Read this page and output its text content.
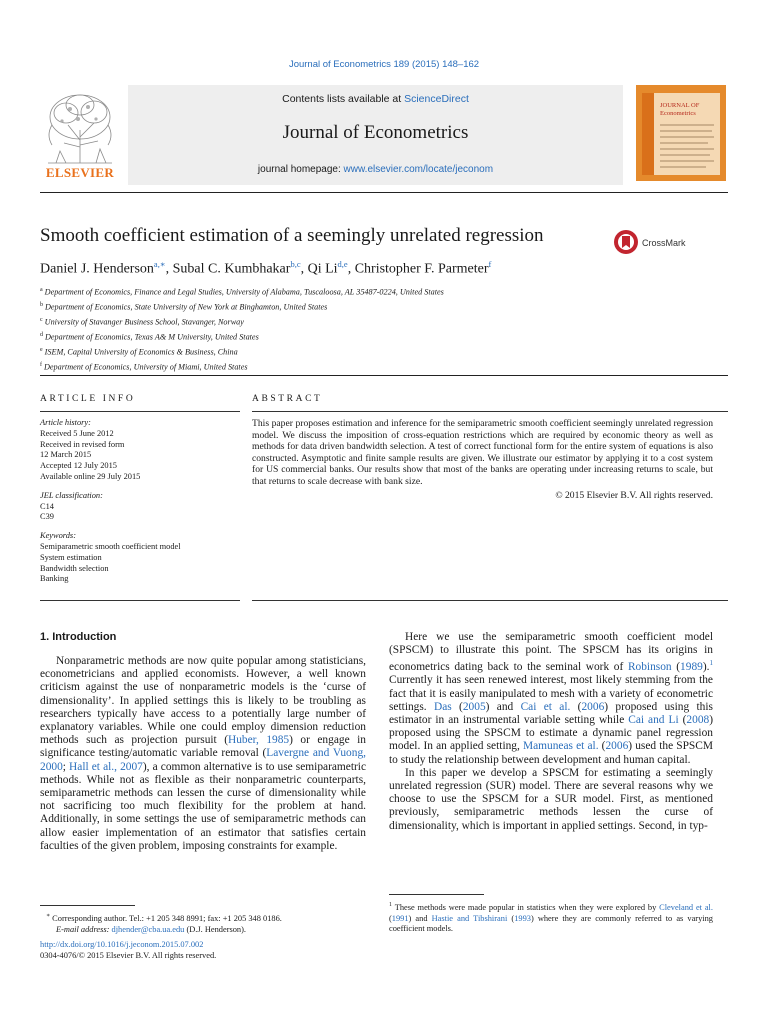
Journal of Econometrics 189 (2015) 148–162
ELSEVIER
Contents lists available at ScienceDirect
Journal of Econometrics
journal homepage: www.elsevier.com/locate/jeconom
JOURNAL OF
Econometrics
Smooth coefficient estimation of a seemingly unrelated regression	CrossMark
Daniel J. Henderson$^{a,∗}$, Subal C. Kumbhakar$^{b,c}$, Qi Li$^{d,e}$, Christopher F. Parmeter$^f$
$^a$ Department of Economics, Finance and Legal Studies, University of Alabama, Tuscaloosa, AL 35487-0224, United States
$^b$ Department of Economics, State University of New York at Binghamton, United States
$^c$ University of Stavanger Business School, Stavanger, Norway
$^d$ Department of Economics, Texas A& M University, United States
$^e$ ISEM, Capital University of Economics & Business, China
$^f$ Department of Economics, University of Miami, United States
ARTICLE INFO	ABSTRACT
Article history:
Received 5 June 2012
Received in revised form
12 March 2015
Accepted 12 July 2015
Available online 29 July 2015
JEL classification:
C14
C39
Keywords:
Semiparametric smooth coefficient model
System estimation
Bandwidth selection
Banking
This paper proposes estimation and inference for the semiparametric smooth coefficient seemingly unrelated regression model. We discuss the imposition of cross-equation restrictions which are required by economic theory as well as methods for data driven bandwidth selection. A test of correct functional form for the entire system of equations is also constructed. Asymptotic and finite sample results are given. We illustrate our estimator by applying it to a cost system for US commercial banks. Our results show that most of the banks are operating under increasing returns to scale, but that returns to scale decrease with bank size.
© 2015 Elsevier B.V. All rights reserved.
1. Introduction

Nonparametric methods are now quite popular among statisticians, econometricians and applied economists. However, a well known criticism against the use of nonparametric models is the ‘curse of dimensionality’. In applied settings this is likely to be troubling as researchers typically have access to a potentially large number of explanatory variables. While one could employ dimension reduction methods such as projection pursuit (Huber, 1985) or engage in significance testing/automatic variable removal (Lavergne and Vuong, 2000; Hall et al., 2007), a common alternative is to use semiparametric methods. While not as flexible as their nonparametric counterparts, semiparametric methods can lessen the curse of dimensionality while not sacrificing too much flexibility for the problem at hand. Additionally, in some settings the use of semiparametric methods can allow easier implementation of an estimator that satisfies certain faculties of the given problem, imposing constraints for example.

Here we use the semiparametric smooth coefficient model (SPSCM) to illustrate this point. The SPSCM has its origins in econometrics dating back to the seminal work of Robinson (1989).$^1$ Currently it has seen renewed interest, most likely stemming from the fact that it is easily manipulated to mesh with a variety of econometric settings. Das (2005) and Cai et al. (2006) proposed using this estimator in an instrumental variable setting while Cai and Li (2008) proposed using the SPSCM to estimate a dynamic panel regression model. In an applied setting, Mamuneas et al. (2006) used the SPSCM to study the relationship between development and human capital.

In this paper we develop a SPSCM for estimating a seemingly unrelated regression (SUR) model. There are several reasons why we choose to use the SPSCM for a SUR model. First, as mentioned previously, semiparametric methods lessen the curse of dimensionality, which is important in applied settings. Second, in typ-

∗ Corresponding author. Tel.: +1 205 348 8991; fax: +1 205 348 0186.
E-mail address: djhender@cba.ua.edu (D.J. Henderson).
http://dx.doi.org/10.1016/j.jeconom.2015.07.002
0304-4076/© 2015 Elsevier B.V. All rights reserved.
$^1$ These methods were made popular in statistics when they were explored by Cleveland et al. (1991) and Hastie and Tibshirani (1993) where they are commonly referred to as varying coefficient models.
